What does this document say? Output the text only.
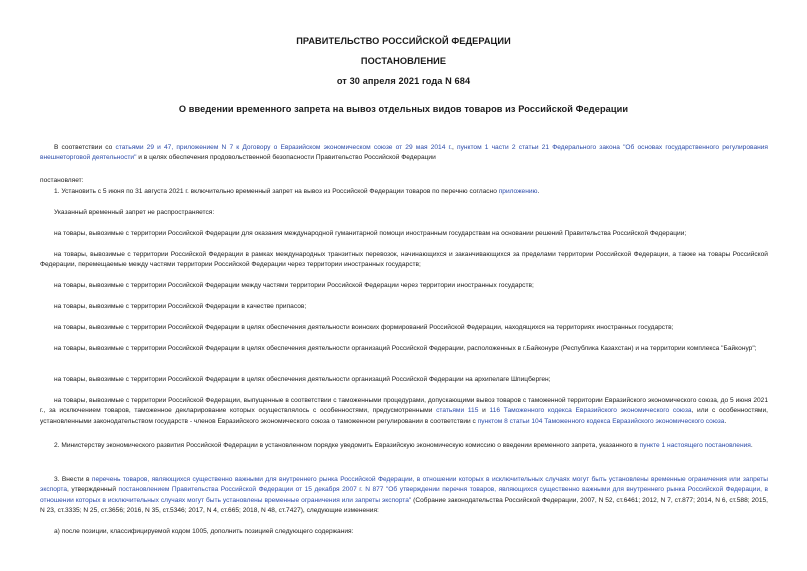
ПРАВИТЕЛЬСТВО РОССИЙСКОЙ ФЕДЕРАЦИИ
ПОСТАНОВЛЕНИЕ
от 30 апреля 2021 года N 684
О введении временного запрета на вывоз отдельных видов товаров из Российской Федерации
В соответствии со статьями 29 и 47, приложением N 7 к Договору о Евразийском экономическом союзе от 29 мая 2014 г., пунктом 1 части 2 статьи 21 Федерального закона "Об основах государственного регулирования внешнеторговой деятельности" и в целях обеспечения продовольственной безопасности Правительство Российской Федерации
постановляет:
1. Установить с 5 июня по 31 августа 2021 г. включительно временный запрет на вывоз из Российской Федерации товаров по перечню согласно приложению.
Указанный временный запрет не распространяется:
на товары, вывозимые с территории Российской Федерации для оказания международной гуманитарной помощи иностранным государствам на основании решений Правительства Российской Федерации;
на товары, вывозимые с территории Российской Федерации в рамках международных транзитных перевозок, начинающихся и заканчивающихся за пределами территории Российской Федерации, а также на товары Российской Федерации, перемещаемые между частями территории Российской Федерации через территории иностранных государств;
на товары, вывозимые с территории Российской Федерации между частями территории Российской Федерации через территории иностранных государств;
на товары, вывозимые с территории Российской Федерации в качестве припасов;
на товары, вывозимые с территории Российской Федерации в целях обеспечения деятельности воинских формирований Российской Федерации, находящихся на территориях иностранных государств;
на товары, вывозимые с территории Российской Федерации в целях обеспечения деятельности организаций Российской Федерации, расположенных в г.Байконуре (Республика Казахстан) и на территории комплекса "Байконур";
на товары, вывозимые с территории Российской Федерации в целях обеспечения деятельности организаций Российской Федерации на архипелаге Шпицберген;
на товары, вывозимые с территории Российской Федерации, выпущенные в соответствии с таможенными процедурами, допускающими вывоз товаров с таможенной территории Евразийского экономического союза, до 5 июня 2021 г., за исключением товаров, таможенное декларирование которых осуществлялось с особенностями, предусмотренными статьями 115 и 116 Таможенного кодекса Евразийского экономического союза, или с особенностями, установленными законодательством государств - членов Евразийского экономического союза о таможенном регулировании в соответствии с пунктом 8 статьи 104 Таможенного кодекса Евразийского экономического союза.
2. Министерству экономического развития Российской Федерации в установленном порядке уведомить Евразийскую экономическую комиссию о введении временного запрета, указанного в пункте 1 настоящего постановления.
3. Внести в перечень товаров, являющихся существенно важными для внутреннего рынка Российской Федерации, в отношении которых в исключительных случаях могут быть установлены временные ограничения или запреты экспорта, утвержденный постановлением Правительства Российской Федерации от 15 декабря 2007 г. N 877 "Об утверждении перечня товаров, являющихся существенно важными для внутреннего рынка Российской Федерации, в отношении которых в исключительных случаях могут быть установлены временные ограничения или запреты экспорта" (Собрание законодательства Российской Федерации, 2007, N 52, ст.6461; 2012, N 7, ст.877; 2014, N 6, ст.588; 2015, N 23, ст.3335; N 25, ст.3656; 2016, N 35, ст.5346; 2017, N 4, ст.665; 2018, N 48, ст.7427), следующие изменения:
а) после позиции, классифицируемой кодом 1005, дополнить позицией следующего содержания:
